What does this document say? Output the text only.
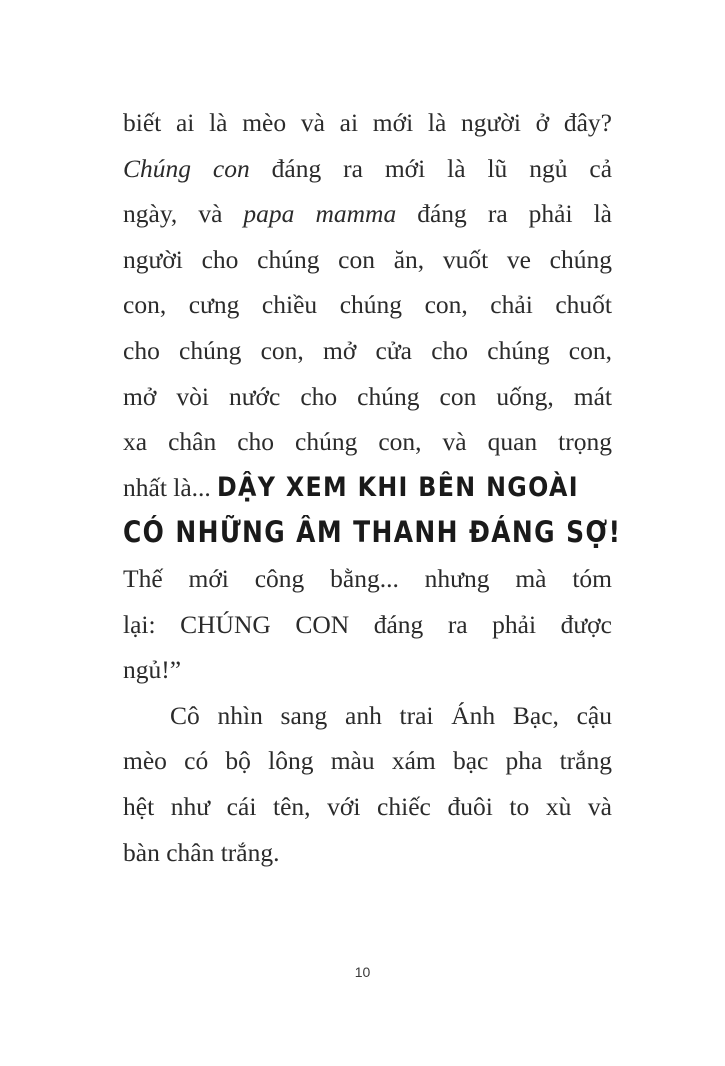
biết ai là mèo và ai mới là người ở đây?
Chúng con đáng ra mới là lũ ngủ cả
ngày, và papa mamma đáng ra phải là
người cho chúng con ăn, vuốt ve chúng
con, cưng chiều chúng con, chải chuốt
cho chúng con, mở cửa cho chúng con,
mở vòi nước cho chúng con uống, mát
xa chân cho chúng con, và quan trọng
nhất là... DẬY XEM KHI BÊN NGOÀI
CÓ NHỮNG ÂM THANH ĐÁNG SỢ!
Thế mới công bằng... nhưng mà tóm
lại: CHÚNG CON đáng ra phải được
ngủ!”
Cô nhìn sang anh trai Ánh Bạc, cậu
mèo có bộ lông màu xám bạc pha trắng
hệt như cái tên, với chiếc đuôi to xù và
bàn chân trắng.
10
